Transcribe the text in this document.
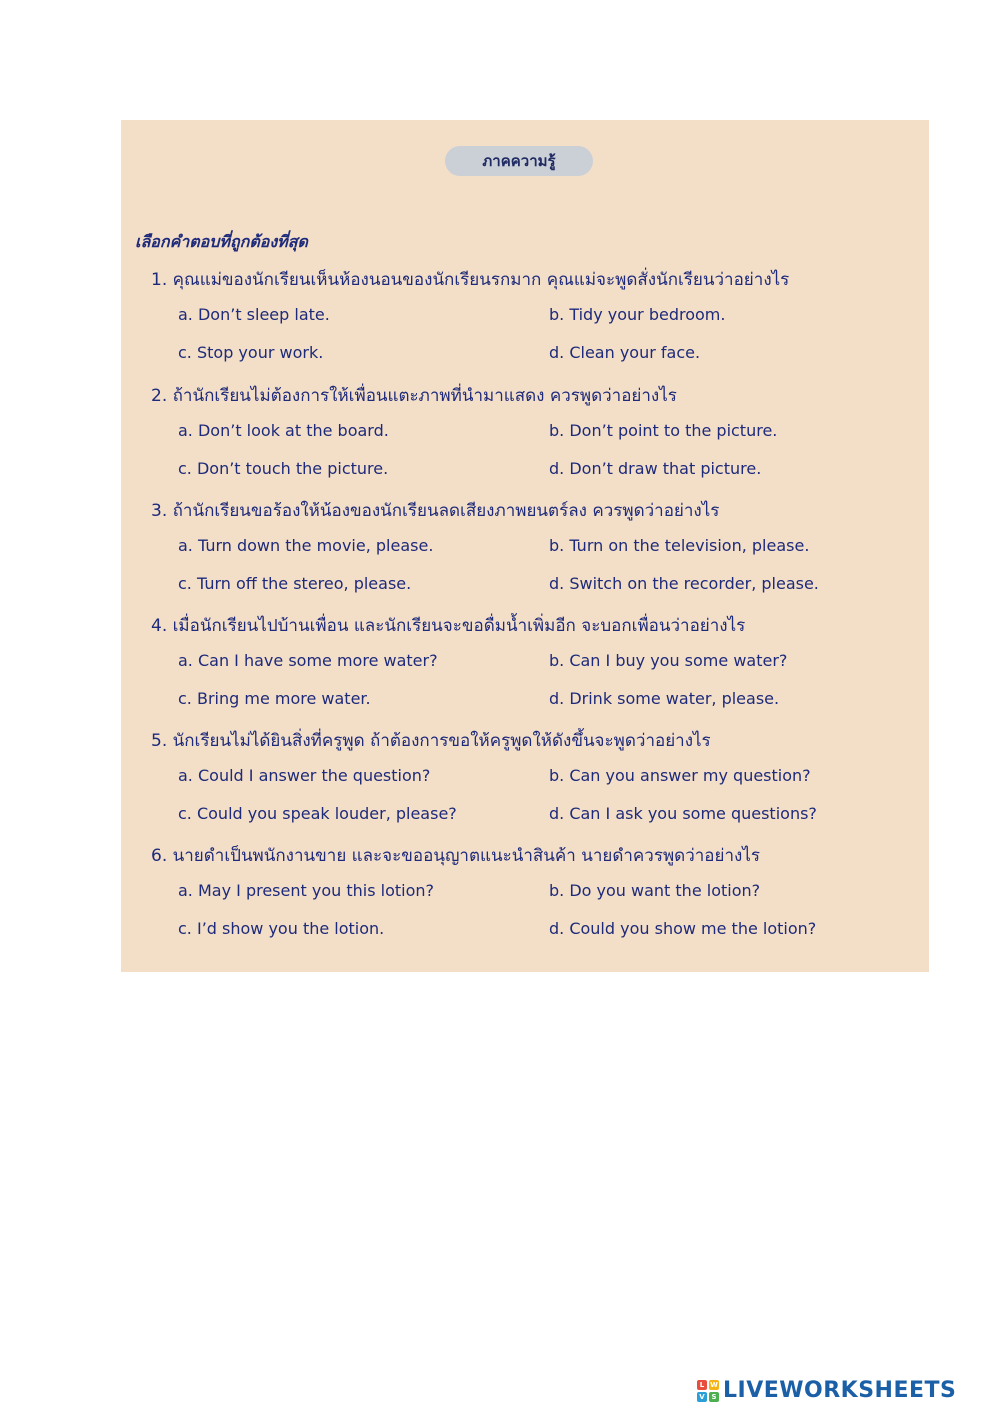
ภาคความรู้
เลือกคำตอบที่ถูกต้องที่สุด
1. คุณแม่ของนักเรียนเห็นห้องนอนของนักเรียนรกมาก คุณแม่จะพูดสั่งนักเรียนว่าอย่างไร
a. Don’t sleep late.	b. Tidy your bedroom.
c. Stop your work.	d. Clean your face.
2. ถ้านักเรียนไม่ต้องการให้เพื่อนแตะภาพที่นำมาแสดง ควรพูดว่าอย่างไร
a. Don’t look at the board.	b. Don’t point to the picture.
c. Don’t touch the picture.	d. Don’t draw that picture.
3. ถ้านักเรียนขอร้องให้น้องของนักเรียนลดเสียงภาพยนตร์ลง ควรพูดว่าอย่างไร
a. Turn down the movie, please.	b. Turn on the television, please.
c. Turn off the stereo, please.	d. Switch on the recorder, please.
4. เมื่อนักเรียนไปบ้านเพื่อน และนักเรียนจะขอดื่มน้ำเพิ่มอีก จะบอกเพื่อนว่าอย่างไร
a. Can I have some more water?	b. Can I buy you some water?
c. Bring me more water.	d. Drink some water, please.
5. นักเรียนไม่ได้ยินสิ่งที่ครูพูด ถ้าต้องการขอให้ครูพูดให้ดังขึ้นจะพูดว่าอย่างไร
a. Could I answer the question?	b. Can you answer my question?
c. Could you speak louder, please?	d. Can I ask you some questions?
6. นายดำเป็นพนักงานขาย และจะขออนุญาตแนะนำสินค้า นายดำควรพูดว่าอย่างไร
a. May I present you this lotion?	b. Do you want the lotion?
c. I’d show you the lotion.	d. Could you show me the lotion?
L W
V S LIVEWORKSHEETS
